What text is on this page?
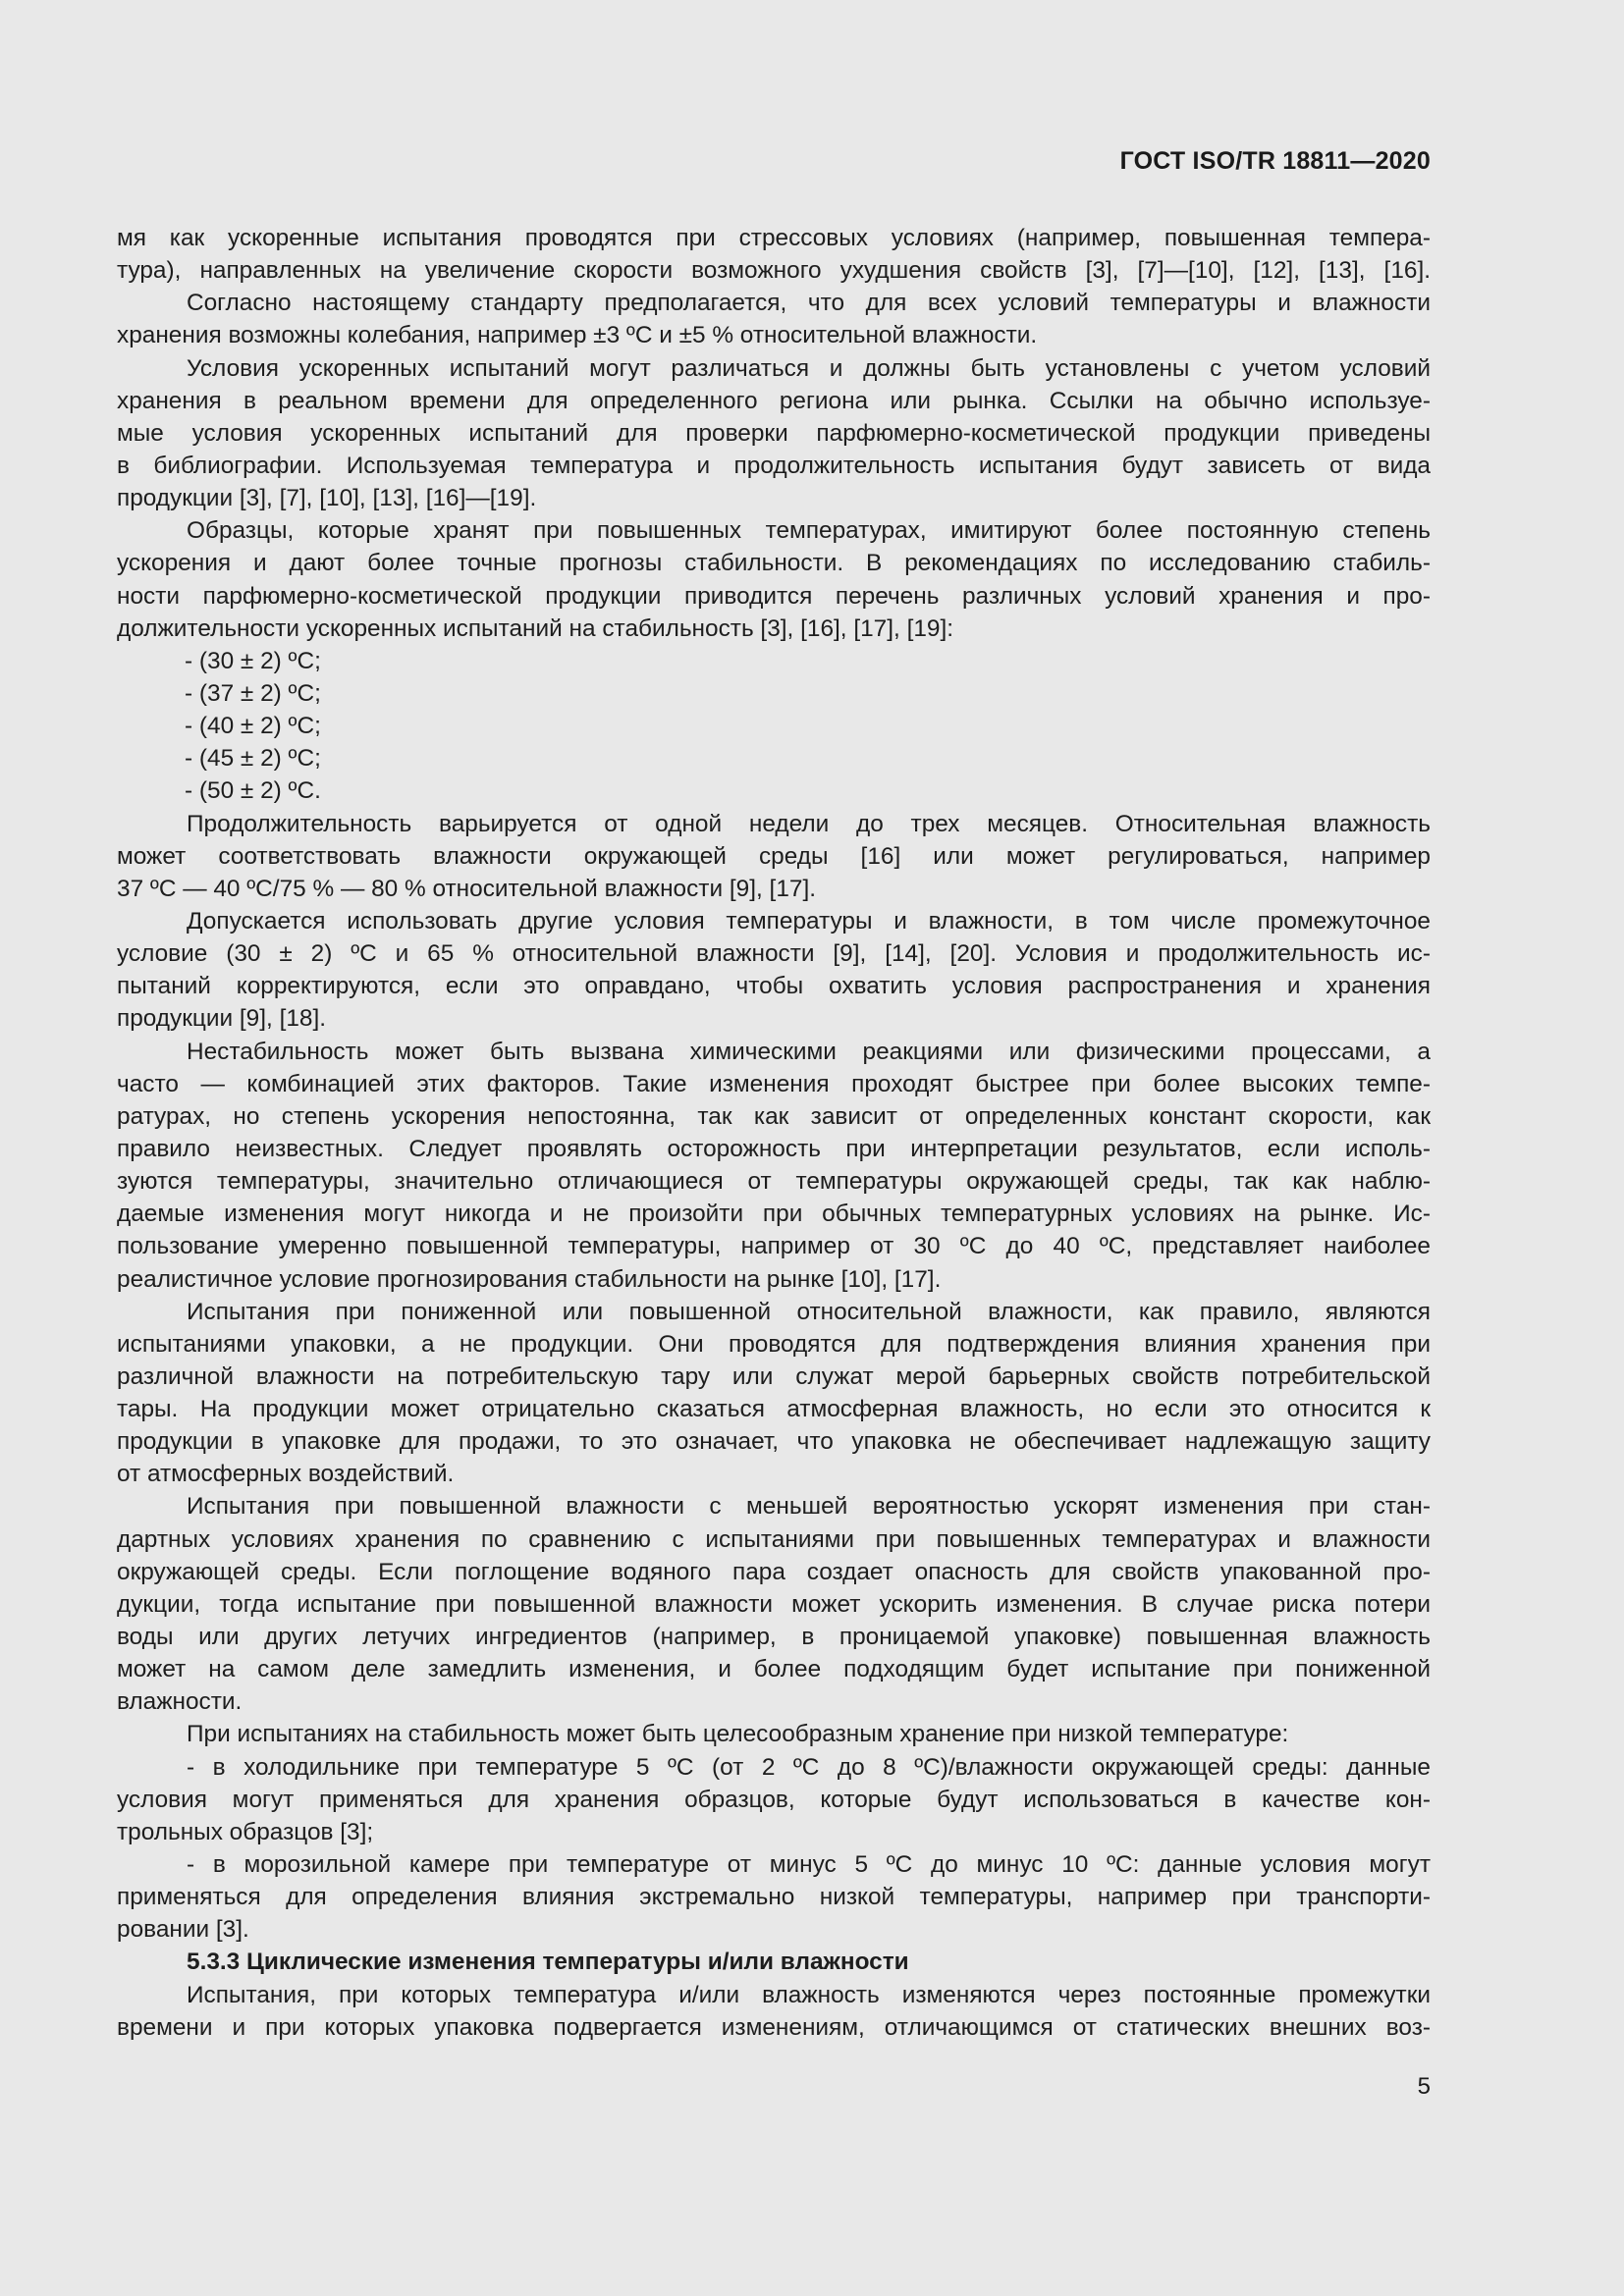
ГОСТ ISO/TR 18811—2020
мя как ускоренные испытания проводятся при стрессовых условиях (например, повышенная темпера-
тура), направленных на увеличение скорости возможного ухудшения свойств [3], [7]—[10], [12], [13], [16].
Согласно настоящему стандарту предполагается, что для всех условий температуры и влажности
хранения возможны колебания, например ±3 ºС и ±5 % относительной влажности.
Условия ускоренных испытаний могут различаться и должны быть установлены с учетом условий
хранения в реальном времени для определенного региона или рынка. Ссылки на обычно используе-
мые условия ускоренных испытаний для проверки парфюмерно-косметической продукции приведены
в библиографии. Используемая температура и продолжительность испытания будут зависеть от вида
продукции [3], [7], [10], [13], [16]—[19].
Образцы, которые хранят при повышенных температурах, имитируют более постоянную степень
ускорения и дают более точные прогнозы стабильности. В рекомендациях по исследованию стабиль-
ности парфюмерно-косметической продукции приводится перечень различных условий хранения и про-
должительности ускоренных испытаний на стабильность [3], [16], [17], [19]:
- (30 ± 2) ºС;
- (37 ± 2) ºС;
- (40 ± 2) ºС;
- (45 ± 2) ºС;
- (50 ± 2) ºС.
Продолжительность варьируется от одной недели до трех месяцев. Относительная влажность
может соответствовать влажности окружающей среды [16] или может регулироваться, например
37 ºС — 40 ºС/75 % — 80 % относительной влажности [9], [17].
Допускается использовать другие условия температуры и влажности, в том числе промежуточное
условие (30 ± 2) ºС и 65 % относительной влажности [9], [14], [20]. Условия и продолжительность ис-
пытаний корректируются, если это оправдано, чтобы охватить условия распространения и хранения
продукции [9], [18].
Нестабильность может быть вызвана химическими реакциями или физическими процессами, а
часто — комбинацией этих факторов. Такие изменения проходят быстрее при более высоких темпе-
ратурах, но степень ускорения непостоянна, так как зависит от определенных констант скорости, как
правило неизвестных. Следует проявлять осторожность при интерпретации результатов, если исполь-
зуются температуры, значительно отличающиеся от температуры окружающей среды, так как наблю-
даемые изменения могут никогда и не произойти при обычных температурных условиях на рынке. Ис-
пользование умеренно повышенной температуры, например от 30 ºС до 40 ºС, представляет наиболее
реалистичное условие прогнозирования стабильности на рынке [10], [17].
Испытания при пониженной или повышенной относительной влажности, как правило, являются
испытаниями упаковки, а не продукции. Они проводятся для подтверждения влияния хранения при
различной влажности на потребительскую тару или служат мерой барьерных свойств потребительской
тары. На продукции может отрицательно сказаться атмосферная влажность, но если это относится к
продукции в упаковке для продажи, то это означает, что упаковка не обеспечивает надлежащую защиту
от атмосферных воздействий.
Испытания при повышенной влажности с меньшей вероятностью ускорят изменения при стан-
дартных условиях хранения по сравнению с испытаниями при повышенных температурах и влажности
окружающей среды. Если поглощение водяного пара создает опасность для свойств упакованной про-
дукции, тогда испытание при повышенной влажности может ускорить изменения. В случае риска потери
воды или других летучих ингредиентов (например, в проницаемой упаковке) повышенная влажность
может на самом деле замедлить изменения, и более подходящим будет испытание при пониженной
влажности.
При испытаниях на стабильность может быть целесообразным хранение при низкой температуре:
- в холодильнике при температуре 5 ºС (от 2 ºС до 8 ºС)/влажности окружающей среды: данные
условия могут применяться для хранения образцов, которые будут использоваться в качестве кон-
трольных образцов [3];
- в морозильной камере при температуре от минус 5 ºС до минус 10 ºС: данные условия могут
применяться для определения влияния экстремально низкой температуры, например при транспорти-
ровании [3].
5.3.3 Циклические изменения температуры и/или влажности
Испытания, при которых температура и/или влажность изменяются через постоянные промежутки
времени и при которых упаковка подвергается изменениям, отличающимся от статических внешних воз-
5
